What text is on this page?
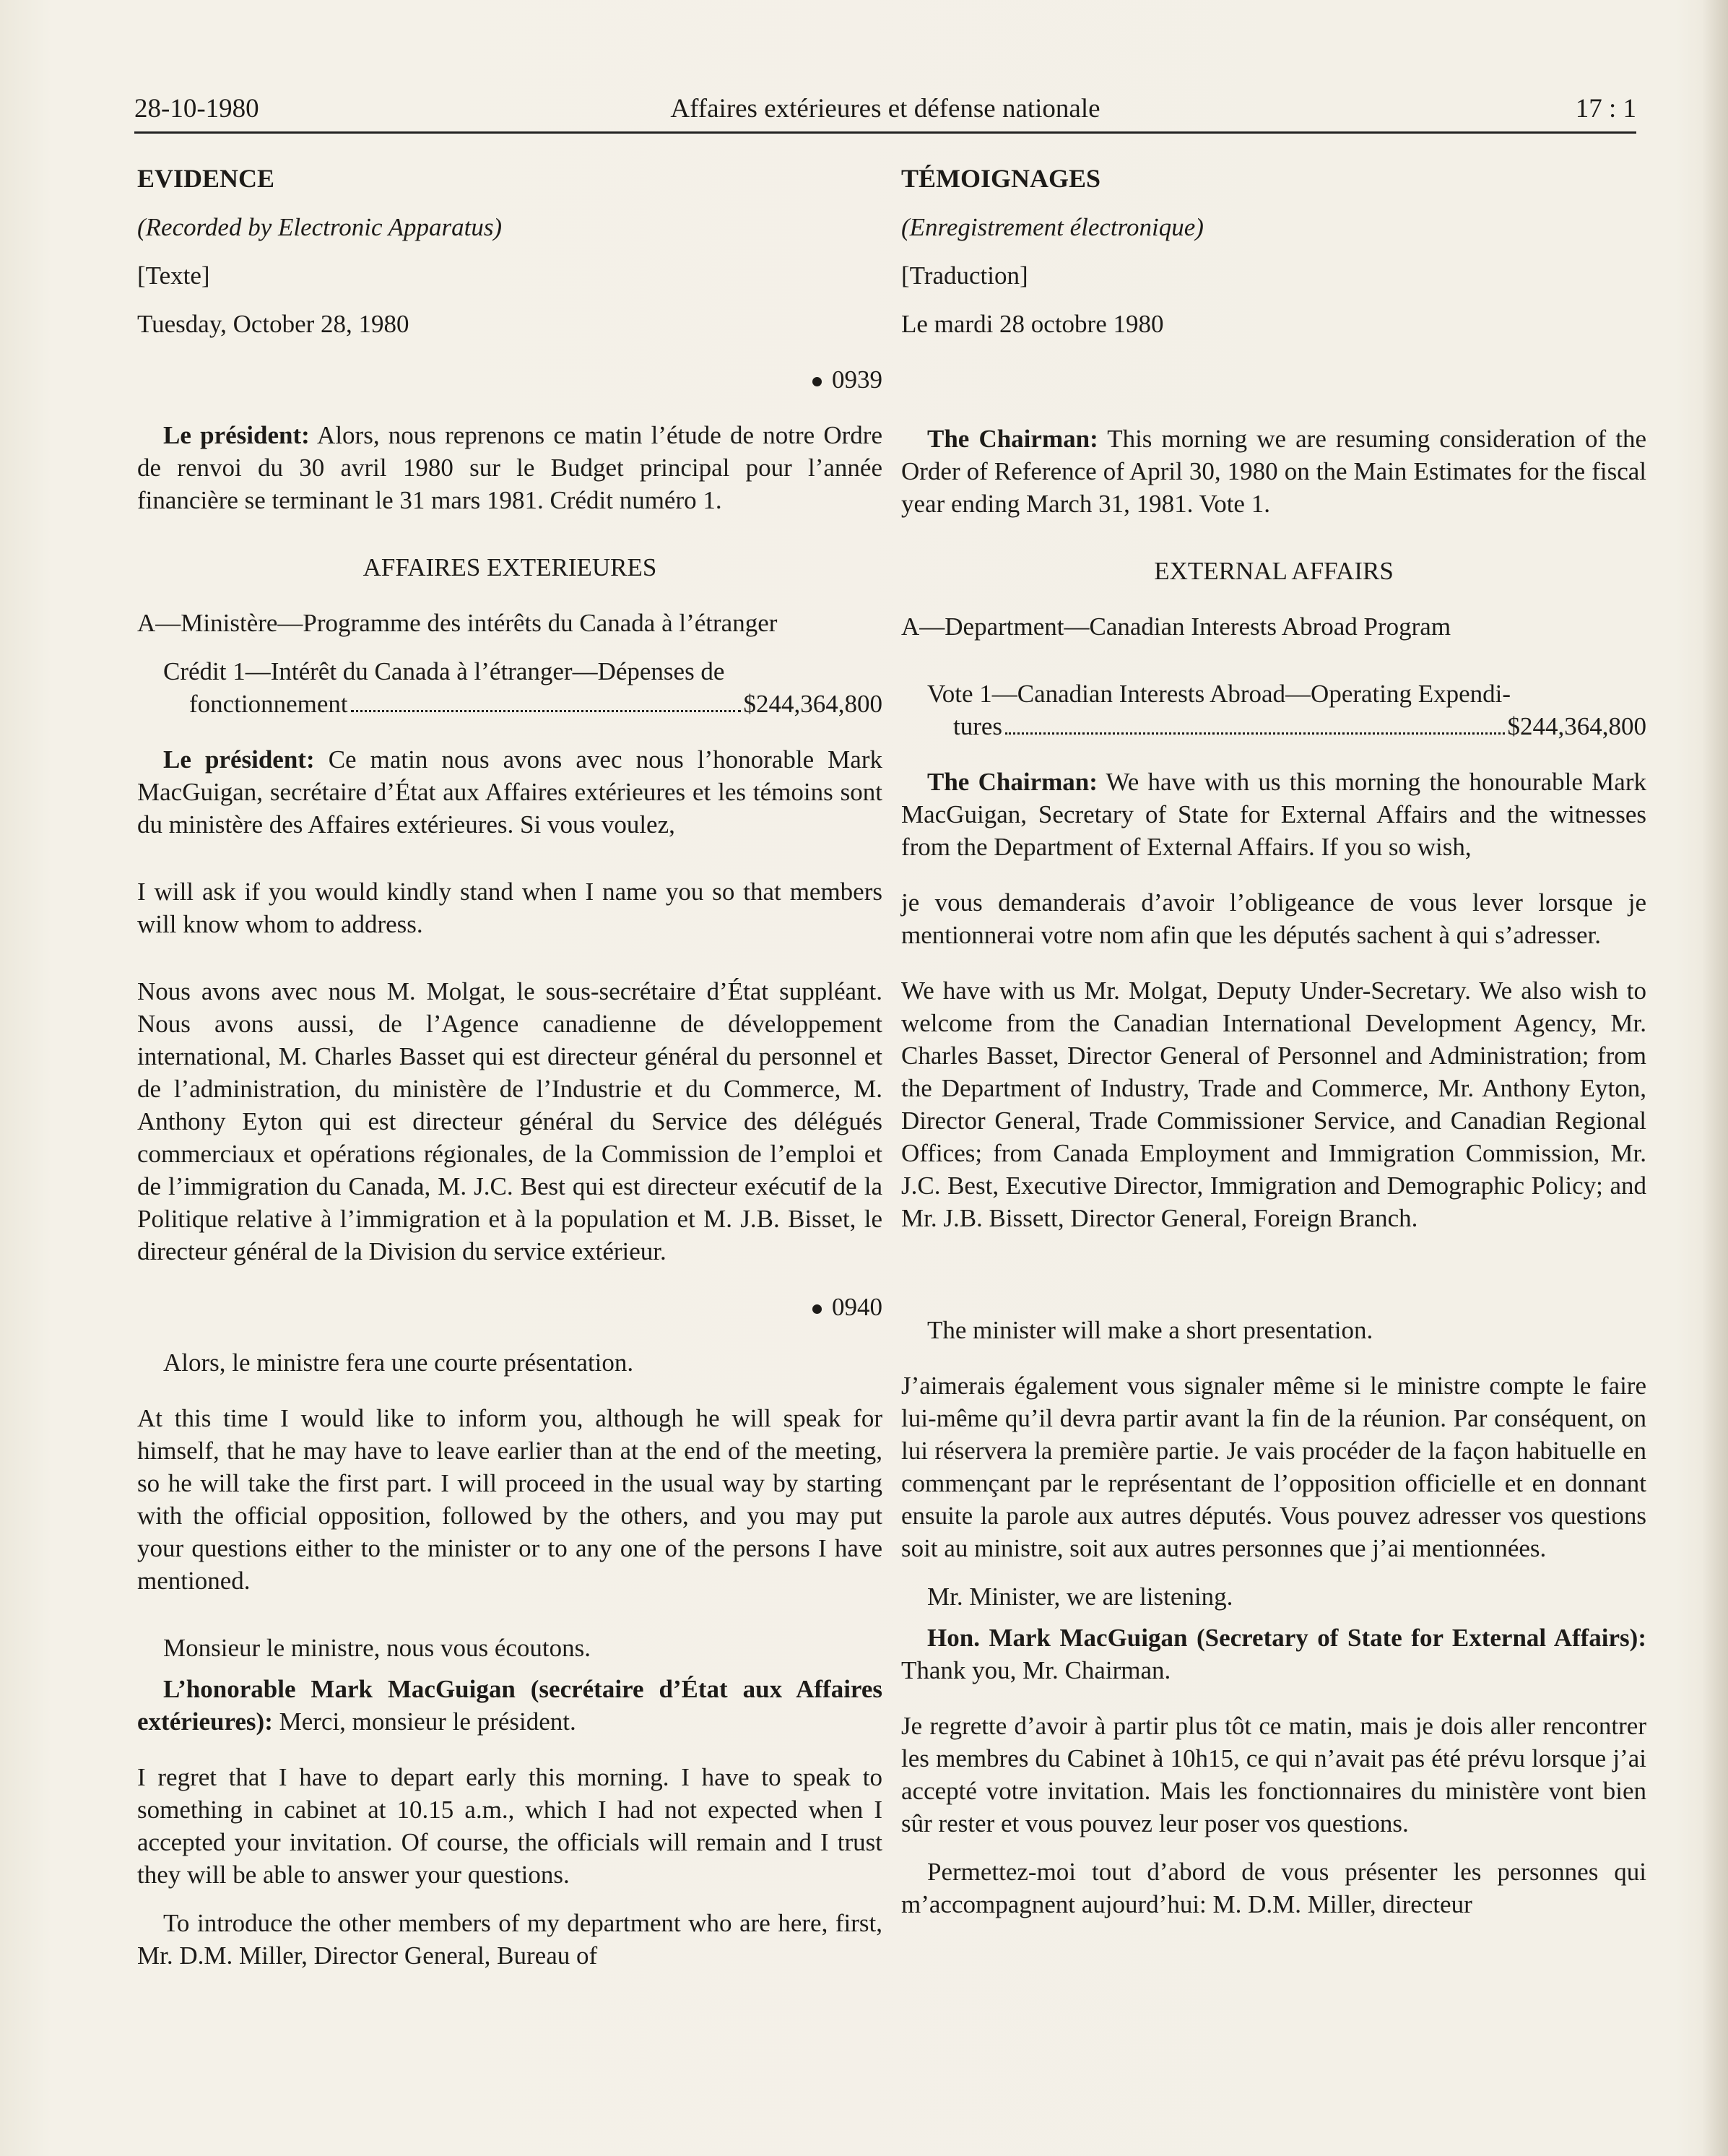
28-10-1980	Affaires extérieures et défense nationale	17 : 1

EVIDENCE

(Recorded by Electronic Apparatus)

[Texte]

Tuesday, October 28, 1980

0939

Le président: Alors, nous reprenons ce matin l’étude de notre Ordre de renvoi du 30 avril 1980 sur le Budget principal pour l’année financière se terminant le 31 mars 1981. Crédit numéro 1.

AFFAIRES EXTERIEURES

A—Ministère—Programme des intérêts du Canada à l’étranger

Crédit 1—Intérêt du Canada à l’étranger—Dépenses de

fonctionnement	$244,364,800

Le président: Ce matin nous avons avec nous l’honorable Mark MacGuigan, secrétaire d’État aux Affaires extérieures et les témoins sont du ministère des Affaires extérieures. Si vous voulez,

I will ask if you would kindly stand when I name you so that members will know whom to address.

Nous avons avec nous M. Molgat, le sous-secrétaire d’État suppléant. Nous avons aussi, de l’Agence canadienne de développement international, M. Charles Basset qui est directeur général du personnel et de l’administration, du ministère de l’Industrie et du Commerce, M. Anthony Eyton qui est directeur général du Service des délégués commerciaux et opérations régionales, de la Commission de l’emploi et de l’immigration du Canada, M. J.C. Best qui est directeur exécutif de la Politique relative à l’immigration et à la population et M. J.B. Bisset, le directeur général de la Division du service extérieur.

0940

Alors, le ministre fera une courte présentation.

At this time I would like to inform you, although he will speak for himself, that he may have to leave earlier than at the end of the meeting, so he will take the first part. I will proceed in the usual way by starting with the official opposition, followed by the others, and you may put your questions either to the minister or to any one of the persons I have mentioned.

Monsieur le ministre, nous vous écoutons.

L’honorable Mark MacGuigan (secrétaire d’État aux Affaires extérieures): Merci, monsieur le président.

I regret that I have to depart early this morning. I have to speak to something in cabinet at 10.15 a.m., which I had not expected when I accepted your invitation. Of course, the officials will remain and I trust they will be able to answer your questions.

To introduce the other members of my department who are here, first, Mr. D.M. Miller, Director General, Bureau of

TÉMOIGNAGES

(Enregistrement électronique)

[Traduction]

Le mardi 28 octobre 1980

The Chairman: This morning we are resuming consideration of the Order of Reference of April 30, 1980 on the Main Estimates for the fiscal year ending March 31, 1981. Vote 1.

EXTERNAL AFFAIRS

A—Department—Canadian Interests Abroad Program

Vote 1—Canadian Interests Abroad—Operating Expendi-

tures	$244,364,800

The Chairman: We have with us this morning the honourable Mark MacGuigan, Secretary of State for External Affairs and the witnesses from the Department of External Affairs. If you so wish,

je vous demanderais d’avoir l’obligeance de vous lever lorsque je mentionnerai votre nom afin que les députés sachent à qui s’adresser.

We have with us Mr. Molgat, Deputy Under-Secretary. We also wish to welcome from the Canadian International Development Agency, Mr. Charles Basset, Director General of Personnel and Administration; from the Department of Industry, Trade and Commerce, Mr. Anthony Eyton, Director General, Trade Commissioner Service, and Canadian Regional Offices; from Canada Employment and Immigration Commission, Mr. J.C. Best, Executive Director, Immigration and Demographic Policy; and Mr. J.B. Bissett, Director General, Foreign Branch.

The minister will make a short presentation.

J’aimerais également vous signaler même si le ministre compte le faire lui-même qu’il devra partir avant la fin de la réunion. Par conséquent, on lui réservera la première partie. Je vais procéder de la façon habituelle en commençant par le représentant de l’opposition officielle et en donnant ensuite la parole aux autres députés. Vous pouvez adresser vos questions soit au ministre, soit aux autres personnes que j’ai mentionnées.

Mr. Minister, we are listening.

Hon. Mark MacGuigan (Secretary of State for External Affairs): Thank you, Mr. Chairman.

Je regrette d’avoir à partir plus tôt ce matin, mais je dois aller rencontrer les membres du Cabinet à 10h15, ce qui n’avait pas été prévu lorsque j’ai accepté votre invitation. Mais les fonctionnaires du ministère vont bien sûr rester et vous pouvez leur poser vos questions.

Permettez-moi tout d’abord de vous présenter les personnes qui m’accompagnent aujourd’hui: M. D.M. Miller, directeur
